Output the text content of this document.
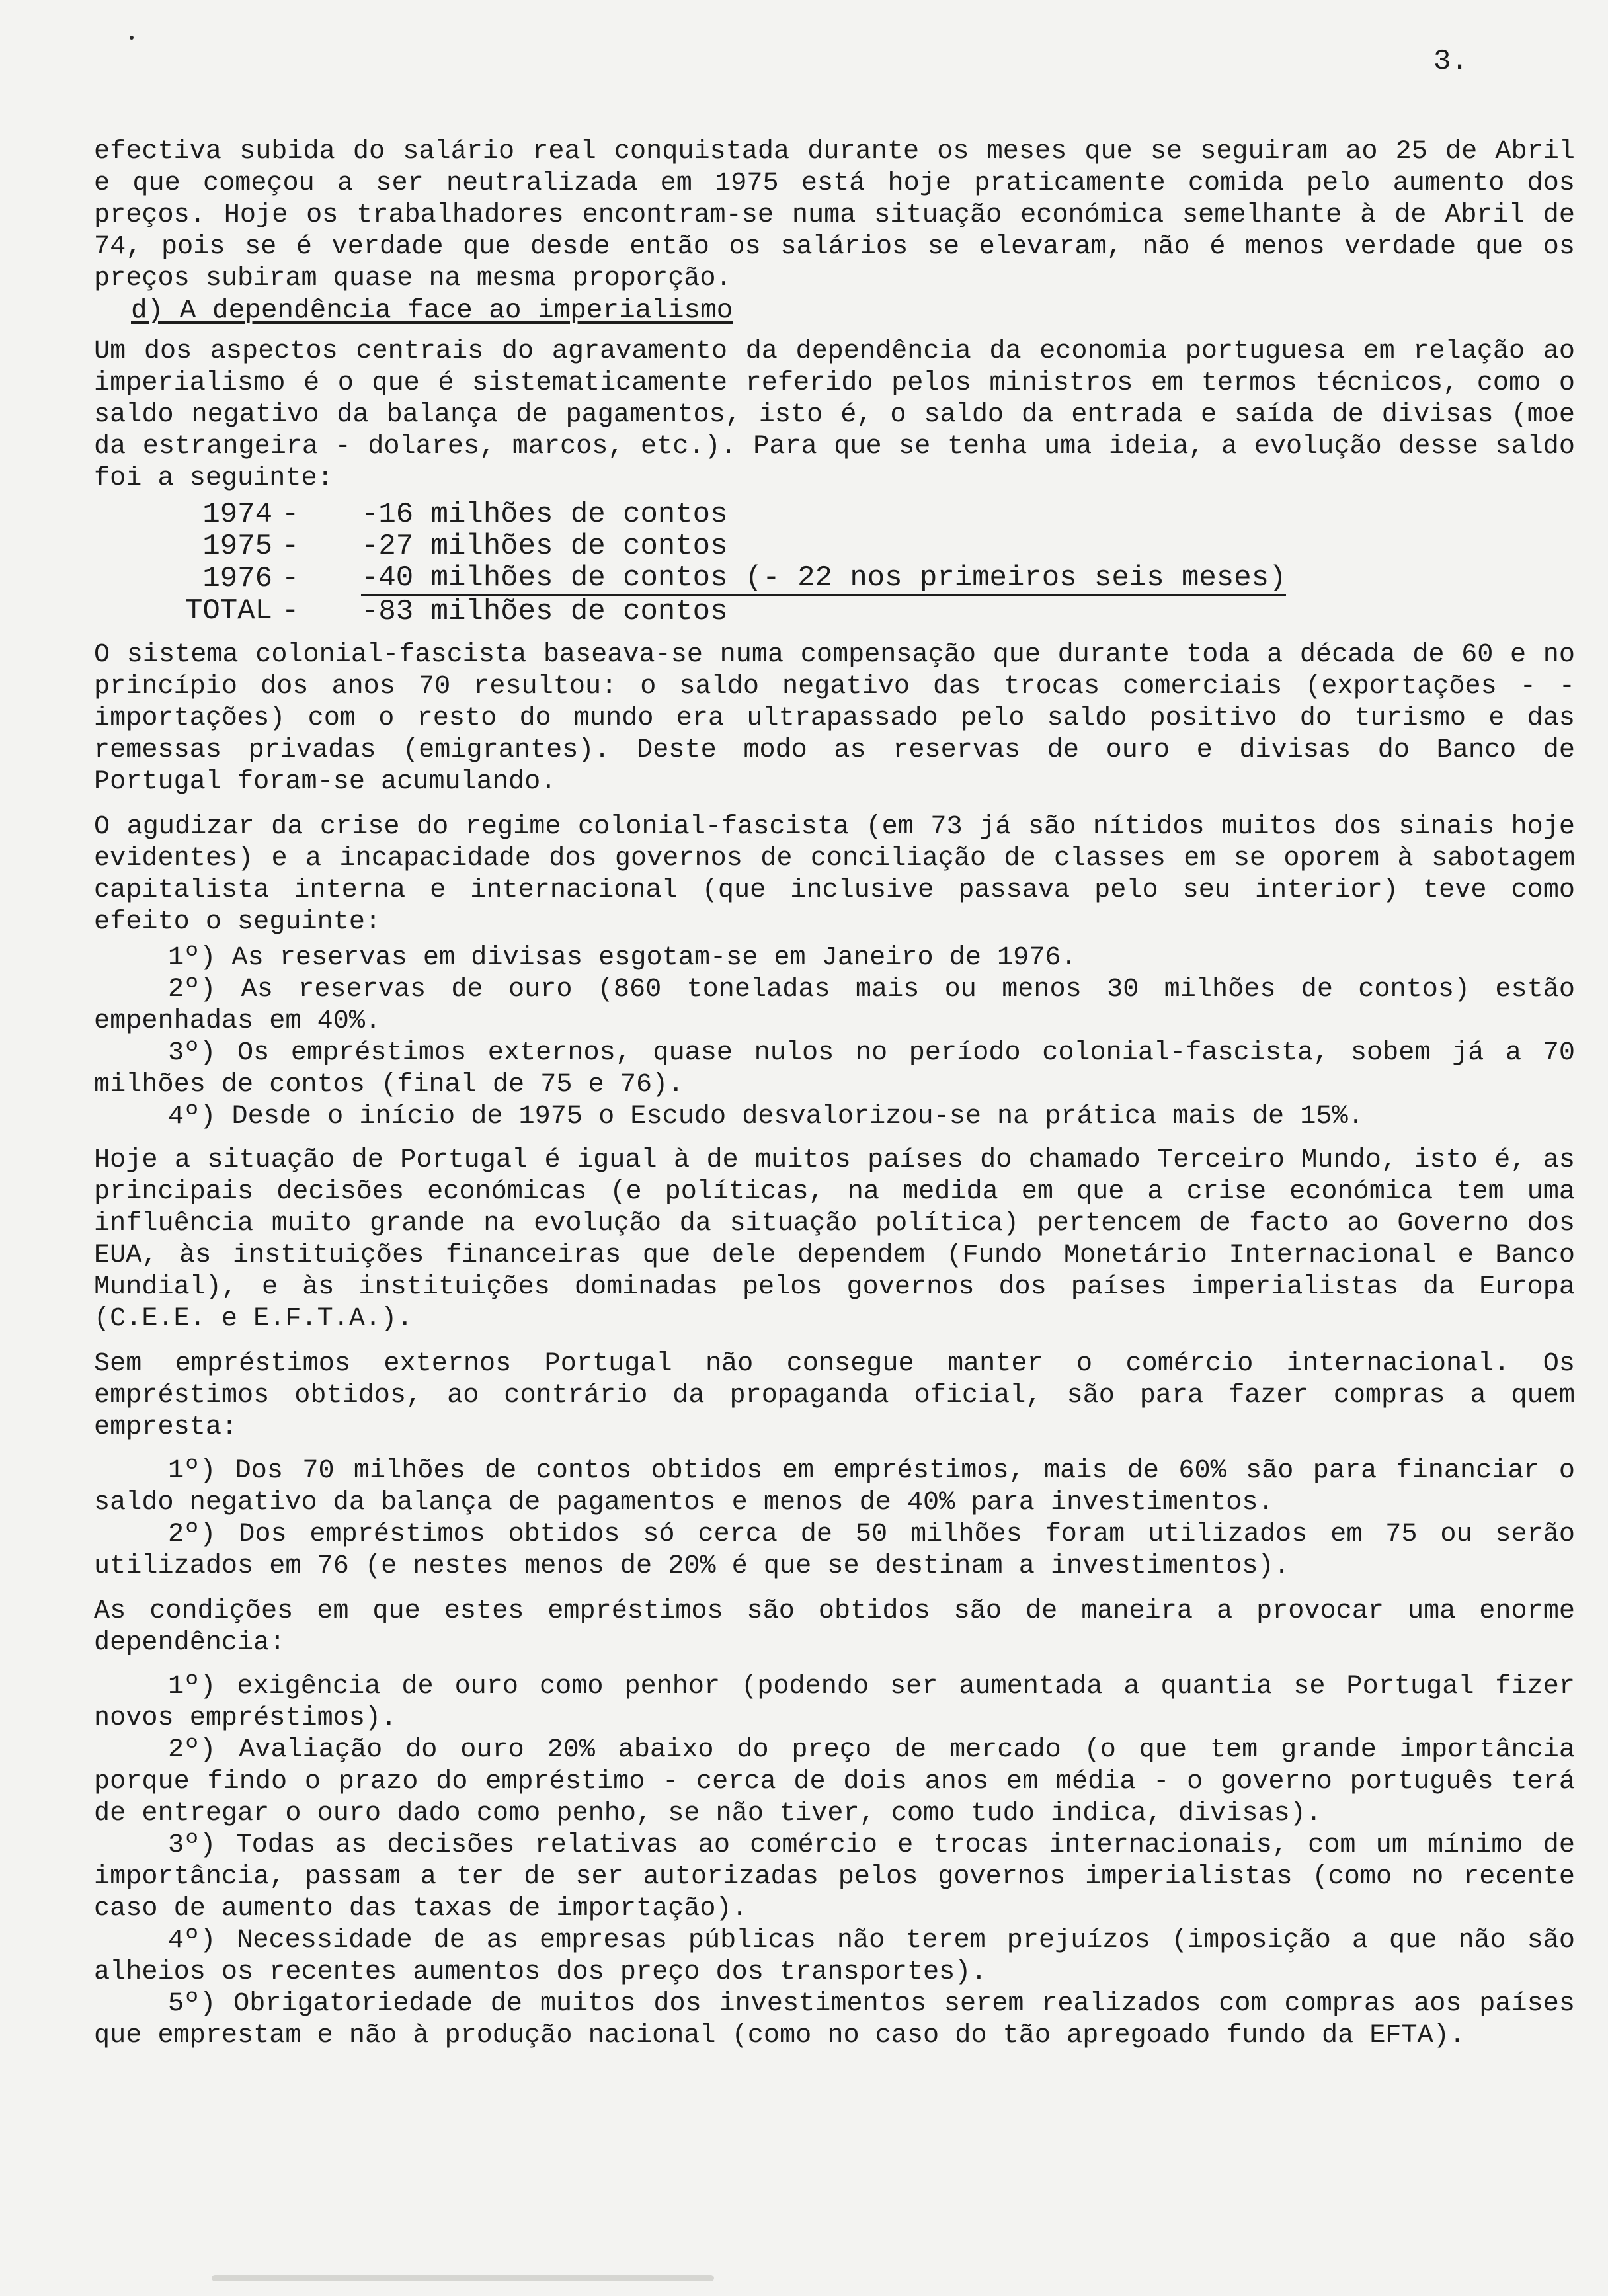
3.

efectiva subida do salário real conquistada durante os meses que se seguiram ao 25 de Abril e que começou a ser neutralizada em 1975 está hoje praticamente comida pelo aumento dos preços. Hoje os trabalhadores encontram-se numa situação económica semelhante à de Abril de 74, pois se é verdade que desde então os salários se elevaram, não é menos verdade que os preços subiram quase na mesma proporção.

d) A dependência face ao imperialismo

Um dos aspectos centrais do agravamento da dependência da economia portuguesa em relação ao imperialismo é o que é sistematicamente referido pelos ministros em termos técnicos, como o saldo negativo da balança de pagamentos, isto é, o saldo da entrada e saída de divisas (moe da estrangeira - dolares, marcos, etc.). Para que se tenha uma ideia, a evolução desse saldo foi a seguinte:

1974	-	-16 milhões de contos
1975	-	-27 milhões de contos
1976	-	-40 milhões de contos (- 22 nos primeiros seis meses)
TOTAL	-	-83 milhões de contos

O sistema colonial-fascista baseava-se numa compensação que durante toda a década de 60 e no princípio dos anos 70 resultou: o saldo negativo das trocas comerciais (exportações - - importações) com o resto do mundo era ultrapassado pelo saldo positivo do turismo e das remessas privadas (emigrantes). Deste modo as reservas de ouro e divisas do Banco de Portugal foram-se acumulando.

O agudizar da crise do regime colonial-fascista (em 73 já são nítidos muitos dos sinais hoje evidentes) e a incapacidade dos governos de conciliação de classes em se oporem à sabotagem capitalista interna e internacional (que inclusive passava pelo seu interior) teve como efeito o seguinte:

1º) As reservas em divisas esgotam-se em Janeiro de 1976.

2º) As reservas de ouro (860 toneladas mais ou menos 30 milhões de contos) estão empenhadas em 40%.

3º) Os empréstimos externos, quase nulos no período colonial-fascista, sobem já a 70 milhões de contos (final de 75 e 76).

4º) Desde o início de 1975 o Escudo desvalorizou-se na prática mais de 15%.

Hoje a situação de Portugal é igual à de muitos países do chamado Terceiro Mundo, isto é, as principais decisões económicas (e políticas, na medida em que a crise económica tem uma influência muito grande na evolução da situação política) pertencem de facto ao Governo dos EUA, às instituições financeiras que dele dependem (Fundo Monetário Internacional e Banco Mundial), e às instituições dominadas pelos governos dos países imperialistas da Europa (C.E.E. e E.F.T.A.).

Sem empréstimos externos Portugal não consegue manter o comércio internacional. Os empréstimos obtidos, ao contrário da propaganda oficial, são para fazer compras a quem empresta:

1º) Dos 70 milhões de contos obtidos em empréstimos, mais de 60% são para financiar o saldo negativo da balança de pagamentos e menos de 40% para investimentos.

2º) Dos empréstimos obtidos só cerca de 50 milhões foram utilizados em 75 ou serão utilizados em 76 (e nestes menos de 20% é que se destinam a investimentos).

As condições em que estes empréstimos são obtidos são de maneira a provocar uma enorme dependência:

1º) exigência de ouro como penhor (podendo ser aumentada a quantia se Portugal fizer novos empréstimos).

2º) Avaliação do ouro 20% abaixo do preço de mercado (o que tem grande importância porque findo o prazo do empréstimo - cerca de dois anos em média - o governo português terá de entregar o ouro dado como penho, se não tiver, como tudo indica, divisas).

3º) Todas as decisões relativas ao comércio e trocas internacionais, com um mínimo de importância, passam a ter de ser autorizadas pelos governos imperialistas (como no recente caso de aumento das taxas de importação).

4º) Necessidade de as empresas públicas não terem prejuízos (imposição a que não são alheios os recentes aumentos dos preço dos transportes).

5º) Obrigatoriedade de muitos dos investimentos serem realizados com compras aos países que emprestam e não à produção nacional (como no caso do tão apregoado fundo da EFTA).
